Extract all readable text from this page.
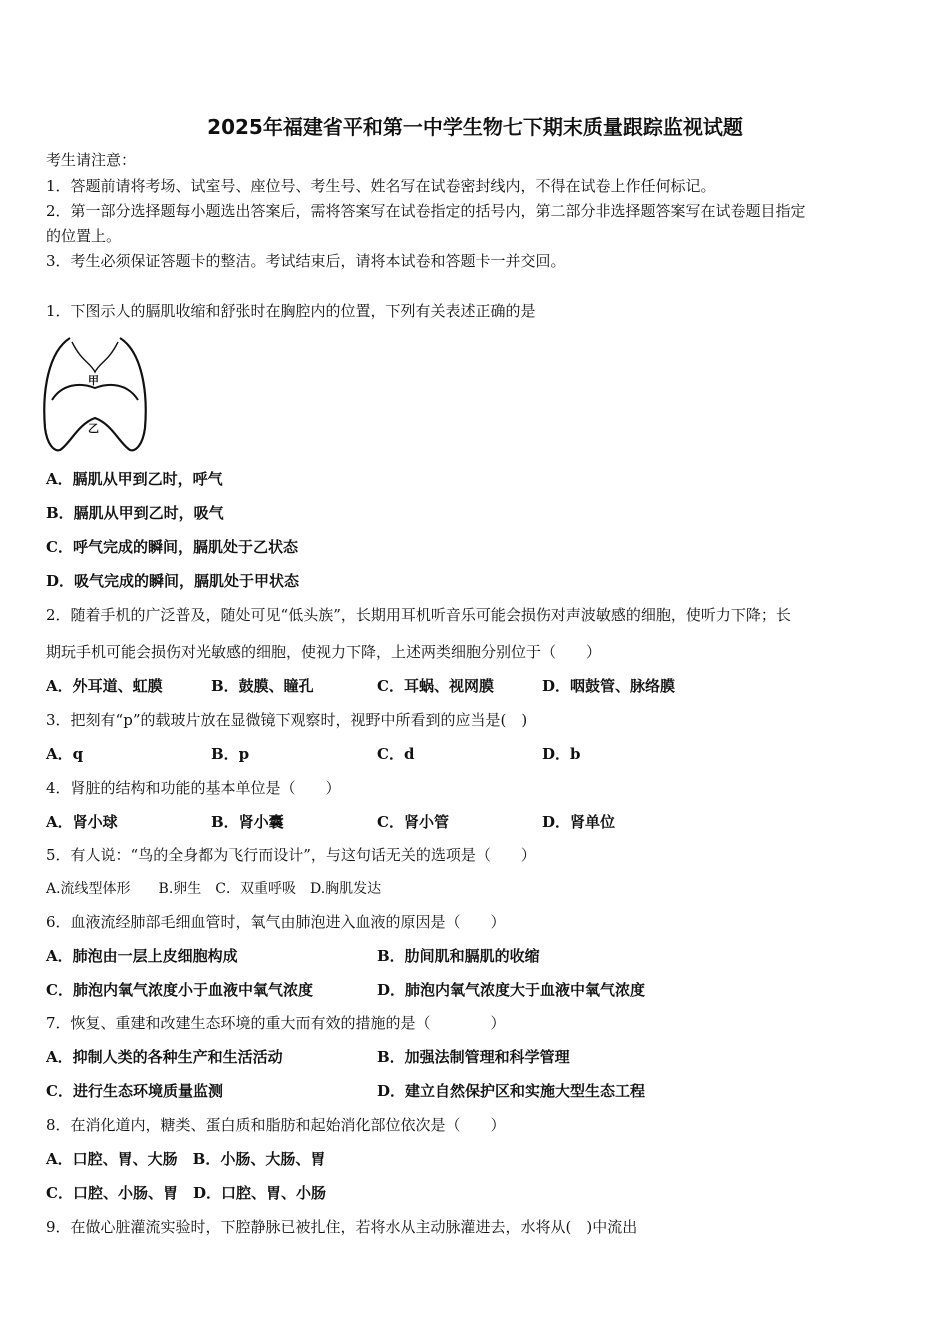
2025年福建省平和第一中学生物七下期末质量跟踪监视试题
考生请注意：
1．答题前请将考场、试室号、座位号、考生号、姓名写在试卷密封线内，不得在试卷上作任何标记。
2．第一部分选择题每小题选出答案后，需将答案写在试卷指定的括号内，第二部分非选择题答案写在试卷题目指定
的位置上。
3．考生必须保证答题卡的整洁。考试结束后，请将本试卷和答题卡一并交回。
1．下图示人的膈肌收缩和舒张时在胸腔内的位置，下列有关表述正确的是
甲
乙
A．膈肌从甲到乙时，呼气
B．膈肌从甲到乙时，吸气
C．呼气完成的瞬间，膈肌处于乙状态
D．吸气完成的瞬间，膈肌处于甲状态
2．随着手机的广泛普及，随处可见“低头族”，长期用耳机听音乐可能会损伤对声波敏感的细胞，使听力下降；长
期玩手机可能会损伤对光敏感的细胞，使视力下降，上述两类细胞分别位于（　　）
A．外耳道、虹膜	B．鼓膜、瞳孔	C．耳蜗、视网膜	D．咽鼓管、脉络膜
3．把刻有“p”的载玻片放在显微镜下观察时，视野中所看到的应当是(　)
A．q	B．p	C．d	D．b
4．肾脏的结构和功能的基本单位是（　　）
A．肾小球	B．肾小囊	C．肾小管	D．肾单位
5．有人说：“鸟的全身都为飞行而设计”，与这句话无关的选项是（　　）
A.流线型体形　　B.卵生　C．双重呼吸　D.胸肌发达
6．血液流经肺部毛细血管时，氧气由肺泡进入血液的原因是（　　）
A．肺泡由一层上皮细胞构成	B．肋间肌和膈肌的收缩
C．肺泡内氧气浓度小于血液中氧气浓度	D．肺泡内氧气浓度大于血液中氧气浓度
7．恢复、重建和改建生态环境的重大而有效的措施的是（　　　　）
A．抑制人类的各种生产和生活活动	B．加强法制管理和科学管理
C．进行生态环境质量监测	D．建立自然保护区和实施大型生态工程
8．在消化道内，糖类、蛋白质和脂肪和起始消化部位依次是（　　）
A．口腔、胃、大肠　B．小肠、大肠、胃
C．口腔、小肠、胃　D．口腔、胃、小肠
9．在做心脏灌流实验时，下腔静脉已被扎住，若将水从主动脉灌进去，水将从(　)中流出
